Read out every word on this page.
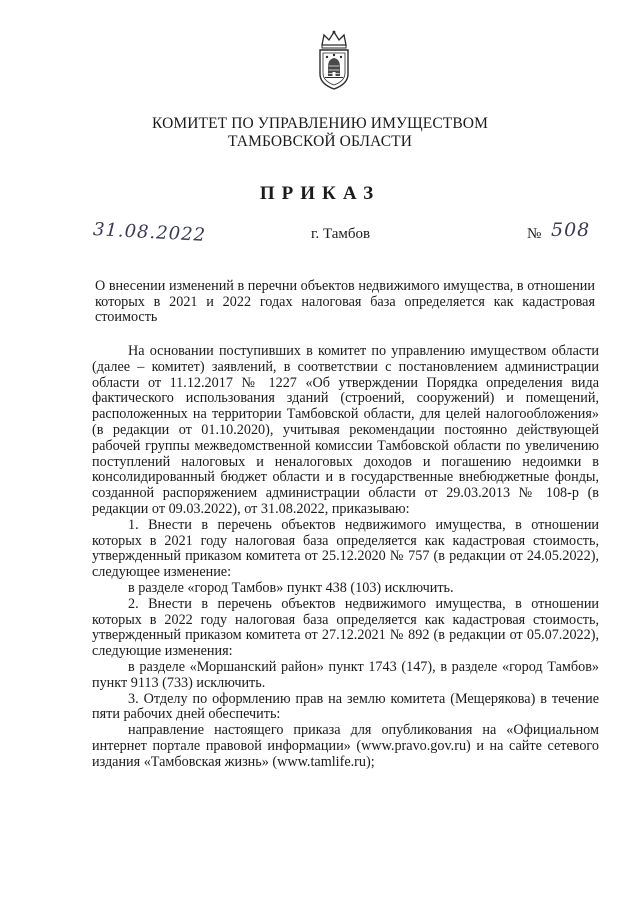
КОМИТЕТ ПО УПРАВЛЕНИЮ ИМУЩЕСТВОМ
ТАМБОВСКОЙ ОБЛАСТИ
ПРИКАЗ
31.08.2022	г. Тамбов	№ 508
О внесении изменений в перечни объектов недвижимого имущества, в отношении которых в 2021 и 2022 годах налоговая база определяется как кадастровая стоимость

На основании поступивших в комитет по управлению имуществом области (далее – комитет) заявлений, в соответствии с постановлением администрации области от 11.12.2017 № 1227 «Об утверждении Порядка определения вида фактического использования зданий (строений, сооружений) и помещений, расположенных на территории Тамбовской области, для целей налогообложения» (в редакции от 01.10.2020), учитывая рекомендации постоянно действующей рабочей группы межведомственной комиссии Тамбовской области по увеличению поступлений налоговых и неналоговых доходов и погашению недоимки в консолидированный бюджет области и в государственные внебюджетные фонды, созданной распоряжением администрации области от 29.03.2013 № 108-р (в редакции от 09.03.2022), от 31.08.2022, приказываю:

1. Внести в перечень объектов недвижимого имущества, в отношении которых в 2021 году налоговая база определяется как кадастровая стоимость, утвержденный приказом комитета от 25.12.2020 № 757 (в редакции от 24.05.2022), следующее изменение:

в разделе «город Тамбов» пункт 438 (103) исключить.

2. Внести в перечень объектов недвижимого имущества, в отношении которых в 2022 году налоговая база определяется как кадастровая стоимость, утвержденный приказом комитета от 27.12.2021 № 892 (в редакции от 05.07.2022), следующие изменения:

в разделе «Моршанский район» пункт 1743 (147), в разделе «город Тамбов» пункт 9113 (733) исключить.

3. Отделу по оформлению прав на землю комитета (Мещерякова) в течение пяти рабочих дней обеспечить:

направление настоящего приказа для опубликования на «Официальном интернет портале правовой информации» (www.pravo.gov.ru) и на сайте сетевого издания «Тамбовская жизнь» (www.tamlife.ru);
